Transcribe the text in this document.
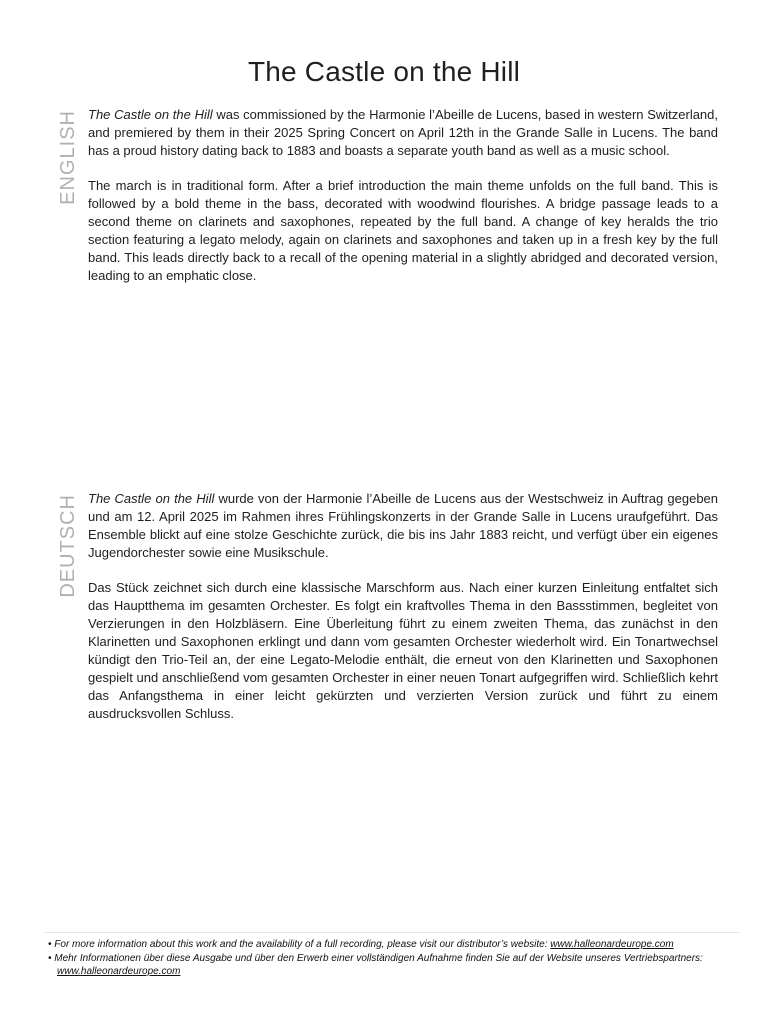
The Castle on the Hill
ENGLISH The Castle on the Hill was commissioned by the Harmonie l’Abeille de Lucens, based in western Switzerland, and premiered by them in their 2025 Spring Concert on April 12th in the Grande Salle in Lucens. The band has a proud history dating back to 1883 and boasts a separate youth band as well as a music school.

The march is in traditional form. After a brief introduction the main theme unfolds on the full band. This is followed by a bold theme in the bass, decorated with woodwind flourishes. A bridge passage leads to a second theme on clarinets and saxophones, repeated by the full band. A change of key heralds the trio section featuring a legato melody, again on clarinets and saxophones and taken up in a fresh key by the full band. This leads directly back to a recall of the opening material in a slightly abridged and decorated version, leading to an emphatic close.

DEUTSCH The Castle on the Hill wurde von der Harmonie l’Abeille de Lucens aus der Westschweiz in Auftrag gegeben und am 12. April 2025 im Rahmen ihres Frühlingskonzerts in der Grande Salle in Lucens uraufgeführt. Das Ensemble blickt auf eine stolze Geschichte zurück, die bis ins Jahr 1883 reicht, und verfügt über ein eigenes Jugendorchester sowie eine Musikschule.

Das Stück zeichnet sich durch eine klassische Marschform aus. Nach einer kurzen Einleitung entfaltet sich das Hauptthema im gesamten Orchester. Es folgt ein kraftvolles Thema in den Bassstimmen, begleitet von Verzierungen in den Holzbläsern. Eine Überleitung führt zu einem zweiten Thema, das zunächst in den Klarinetten und Saxophonen erklingt und dann vom gesamten Orchester wiederholt wird. Ein Tonartwechsel kündigt den Trio-Teil an, der eine Legato-Melodie enthält, die erneut von den Klarinetten und Saxophonen gespielt und anschließend vom gesamten Orchester in einer neuen Tonart aufgegriffen wird. Schließlich kehrt das Anfangsthema in einer leicht gekürzten und verzierten Version zurück und führt zu einem ausdrucksvollen Schluss.

• For more information about this work and the availability of a full recording, please visit our distributor’s website: www.halleonardeurope.com

• Mehr Informationen über diese Ausgabe und über den Erwerb einer vollständigen Aufnahme finden Sie auf der Website unseres Vertriebspartners: www.halleonardeurope.com
